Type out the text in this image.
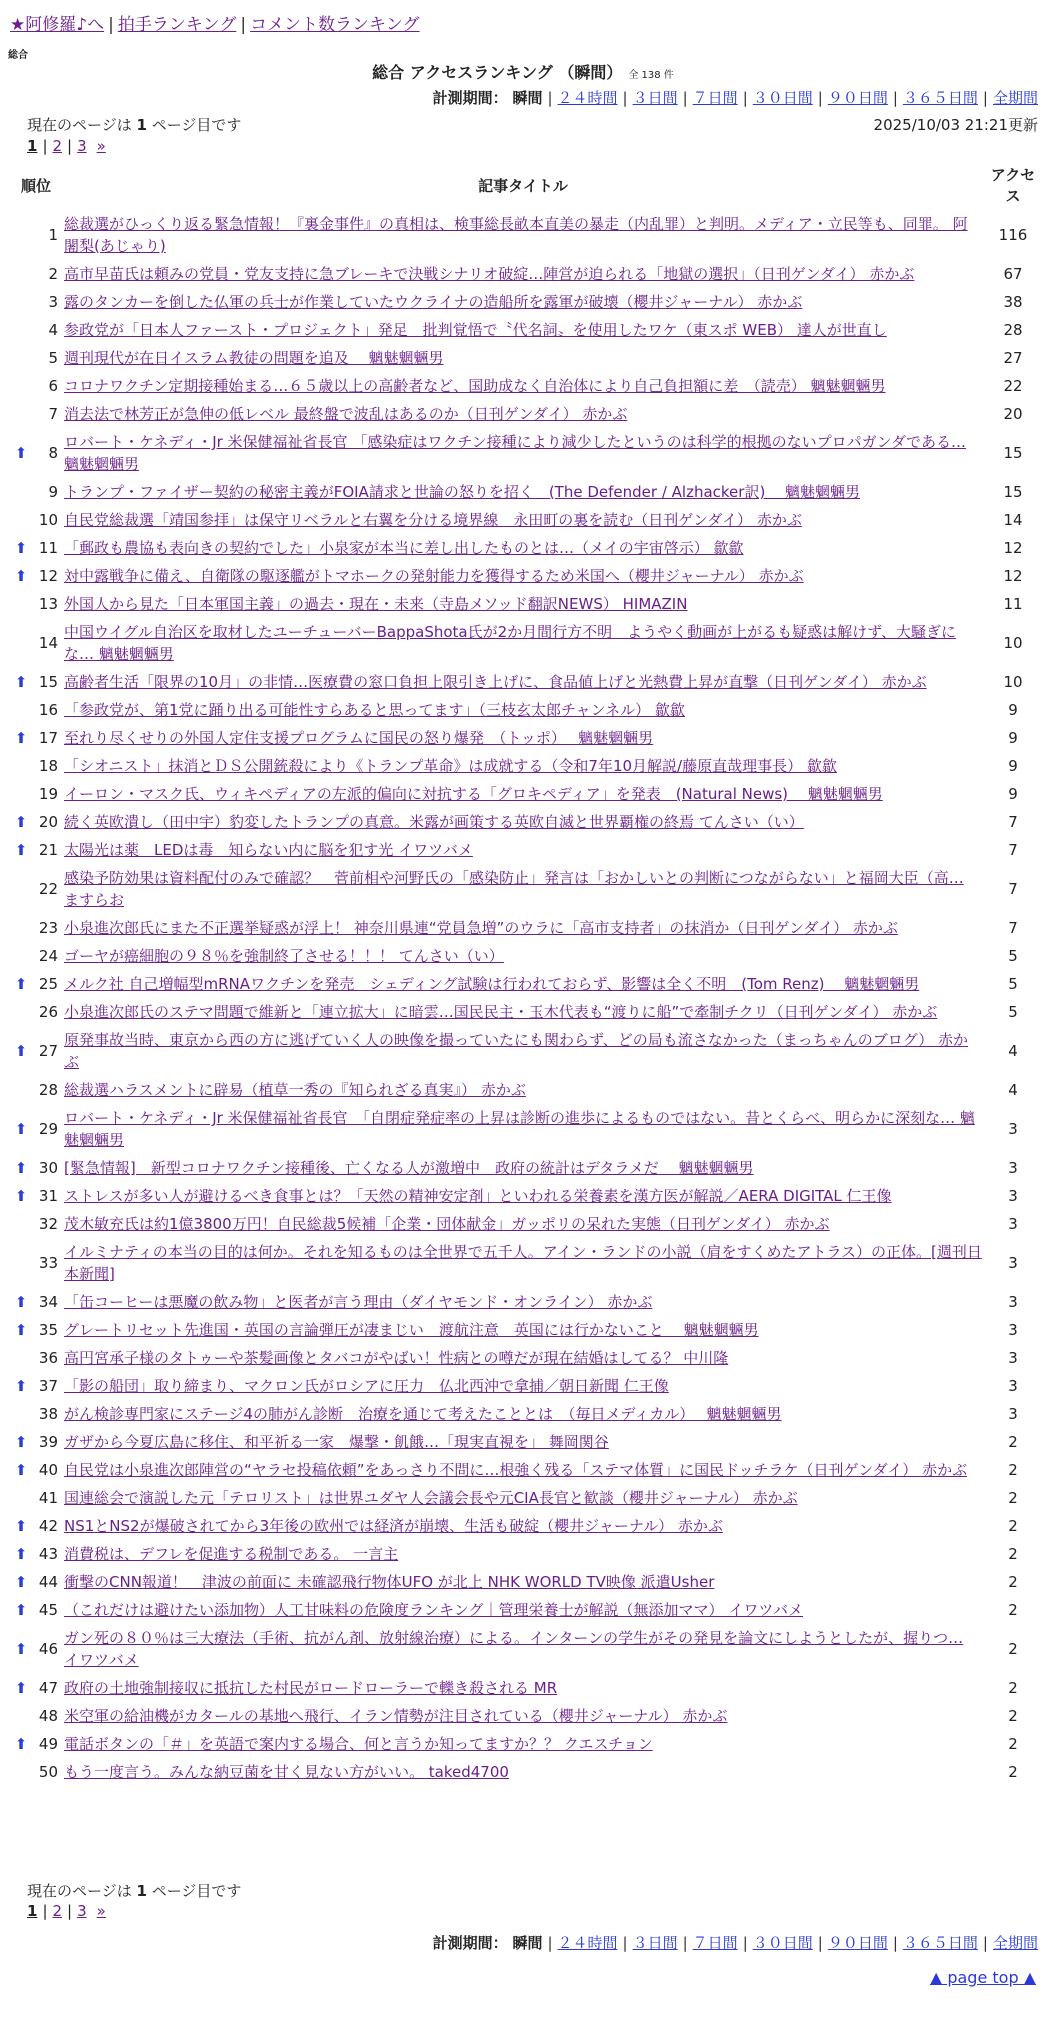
★阿修羅♪へ | 拍手ランキング | コメント数ランキング
総合
総合 アクセスランキング （瞬間） 全 138 件
計測期間： 瞬間 | ２４時間 | ３日間 | ７日間 | ３０日間 | ９０日間 | ３６５日間 | 全期間
現在のページは 1 ページ目です	2025/10/03 21:21更新
1 | 2 | 3 »
順位		記事タイトル	アクセス
	1	総裁選がひっくり返る緊急情報！『裏金事件』の真相は、検事総長畝本直美の暴走（内乱罪）と判明。メディア・立民等も、同罪。 阿闍梨(あじゃり)	116
	2	高市早苗氏は頼みの党員・党友支持に急ブレーキで決戦シナリオ破綻…陣営が迫られる「地獄の選択」（日刊ゲンダイ） 赤かぶ	67
	3	露のタンカーを倒した仏軍の兵士が作業していたウクライナの造船所を露軍が破壊（櫻井ジャーナル） 赤かぶ	38
	4	参政党が「日本人ファースト・プロジェクト」発足　批判覚悟で〝代名詞〟を使用したワケ（東スポ WEB） 達人が世直し	28
	5	週刊現代が在日イスラム教徒の問題を追及　 魑魅魍魎男	27
	6	コロナワクチン定期接種始まる…６５歳以上の高齢者など、国助成なく自治体により自己負担額に差　（読売） 魑魅魍魎男	22
	7	消去法で林芳正が急伸の低レベル 最終盤で波乱はあるのか（日刊ゲンダイ） 赤かぶ	20
⬆	8	ロバート・ケネディ・Jr 米保健福祉省長官 「感染症はワクチン接種により減少したというのは科学的根拠のないプロパガンダである… 魑魅魍魎男	15
	9	トランプ・ファイザー契約の秘密主義がFOIA請求と世論の怒りを招く　(The Defender / Alzhacker訳)　 魑魅魍魎男	15
	10	自民党総裁選「靖国参拝」は保守リベラルと右翼を分ける境界線　永田町の裏を読む（日刊ゲンダイ） 赤かぶ	14
⬆	11	「郵政も農協も表向きの契約でした」小泉家が本当に差し出したものとは…（メイの宇宙啓示） 歙歙	12
⬆	12	対中露戦争に備え、自衛隊の駆逐艦がトマホークの発射能力を獲得するため米国へ（櫻井ジャーナル） 赤かぶ	12
	13	外国人から見た「日本軍国主義」の過去・現在・未来（寺島メソッド翻訳NEWS） HIMAZIN	11
	14	中国ウイグル自治区を取材したユーチューバーBappaShota氏が2か月間行方不明　ようやく動画が上がるも疑惑は解けず、大騒ぎにな… 魑魅魍魎男	10
⬆	15	高齢者生活「限界の10月」の非情…医療費の窓口負担上限引き上げに、食品値上げと光熱費上昇が直撃（日刊ゲンダイ） 赤かぶ	10
	16	「参政党が、第1党に踊り出る可能性すらあると思ってます」（三枝玄太郎チャンネル） 歙歙	9
⬆	17	至れり尽くせりの外国人定住支援プログラムに国民の怒り爆発　（トッポ）　 魑魅魍魎男	9
	18	「シオニスト」抹消とＤＳ公開銃殺により《トランプ革命》は成就する（令和7年10月解説/藤原直哉理事長） 歙歙	9
	19	イーロン・マスク氏、ウィキペディアの左派的偏向に対抗する「グロキペディア」を発表　(Natural News)　 魑魅魍魎男	9
⬆	20	続く英欧潰し（田中宇）豹変したトランプの真意。米露が画策する英欧自滅と世界覇権の終焉 てんさい（い）	7
⬆	21	太陽光は薬　LEDは毒　知らない内に脳を犯す光 イワツバメ	7
	22	感染予防効果は資料配付のみで確認？　菅前相や河野氏の「感染防止」発言は「おかしいとの判断につながらない」と福岡大臣（高… ますらお	7
	23	小泉進次郎氏にまた不正選挙疑惑が浮上！ 神奈川県連“党員急増”のウラに「高市支持者」の抹消か（日刊ゲンダイ） 赤かぶ	7
	24	ゴーヤが癌細胞の９８％を強制終了させる！！！ てんさい（い）	5
⬆	25	メルク社 自己増幅型mRNAワクチンを発売　シェディング試験は行われておらず、影響は全く不明　(Tom Renz)　 魑魅魍魎男	5
	26	小泉進次郎氏のステマ問題で維新と「連立拡大」に暗雲…国民民主・玉木代表も“渡りに船”で牽制チクリ（日刊ゲンダイ） 赤かぶ	5
⬆	27	原発事故当時、東京から西の方に逃げていく人の映像を撮っていたにも関わらず、どの局も流さなかった（まっちゃんのブログ） 赤かぶ	4
	28	総裁選ハラスメントに辟易（植草一秀の『知られざる真実』） 赤かぶ	4
⬆	29	ロバート・ケネディ・Jr 米保健福祉省長官　「自閉症発症率の上昇は診断の進歩によるものではない。昔とくらべ、明らかに深刻な… 魑魅魍魎男	3
⬆	30	[緊急情報]　新型コロナワクチン接種後、亡くなる人が激増中　政府の統計はデタラメだ　 魑魅魍魎男	3
⬆	31	ストレスが多い人が避けるべき食事とは？「天然の精神安定剤」といわれる栄養素を漢方医が解説／AERA DIGITAL 仁王像	3
	32	茂木敏充氏は約1億3800万円！自民総裁5候補「企業・団体献金」ガッポリの呆れた実態（日刊ゲンダイ） 赤かぶ	3
	33	イルミナティの本当の目的は何か。それを知るものは全世界で五千人。アイン・ランドの小説（肩をすくめたアトラス）の正体。[週刊日本新聞]	3
⬆	34	「缶コーヒーは悪魔の飲み物」と医者が言う理由（ダイヤモンド・オンライン） 赤かぶ	3
⬆	35	グレートリセット先進国・英国の言論弾圧が凄まじい　渡航注意　英国には行かないこと　 魑魅魍魎男	3
	36	高円宮承子様のタトゥーや茶髪画像とタバコがやばい！性病との噂だが現在結婚はしてる？ 中川隆	3
⬆	37	「影の船団」取り締まり、マクロン氏がロシアに圧力　仏北西沖で拿捕／朝日新聞 仁王像	3
	38	がん検診専門家にステージ4の肺がん診断　治療を通じて考えたこととは　（毎日メディカル）　 魑魅魍魎男	3
⬆	39	ガザから今夏広島に移住、和平祈る一家　爆撃・飢餓…「現実直視を」 舞岡関谷	2
⬆	40	自民党は小泉進次郎陣営の“ヤラセ投稿依頼”をあっさり不問に…根強く残る「ステマ体質」に国民ドッチラケ（日刊ゲンダイ） 赤かぶ	2
	41	国連総会で演説した元「テロリスト」は世界ユダヤ人会議会長や元CIA長官と歓談（櫻井ジャーナル） 赤かぶ	2
⬆	42	NS1とNS2が爆破されてから3年後の欧州では経済が崩壊、生活も破綻（櫻井ジャーナル） 赤かぶ	2
⬆	43	消費税は、デフレを促進する税制である。 一言主	2
⬆	44	衝撃のCNN報道！　津波の前面に 未確認飛行物体UFO が北上 NHK WORLD TV映像 派遣Usher	2
⬆	45	（これだけは避けたい添加物）人工甘味料の危険度ランキング｜管理栄養士が解説（無添加ママ） イワツバメ	2
⬆	46	ガン死の８０％は三大療法（手術、抗がん剤、放射線治療）による。インターンの学生がその発見を論文にしようとしたが、握りつ… イワツバメ	2
⬆	47	政府の土地強制接収に抵抗した村民がロードローラーで轢き殺される MR	2
	48	米空軍の給油機がカタールの基地へ飛行、イラン情勢が注目されている（櫻井ジャーナル） 赤かぶ	2
⬆	49	電話ボタンの「＃」を英語で案内する場合、何と言うか知ってますか？？ クエスチョン	2
	50	もう一度言う。みんな納豆菌を甘く見ない方がいい。 taked4700	2
現在のページは 1 ページ目です
1 | 2 | 3 »
計測期間： 瞬間 | ２４時間 | ３日間 | ７日間 | ３０日間 | ９０日間 | ３６５日間 | 全期間
▲ page top ▲
